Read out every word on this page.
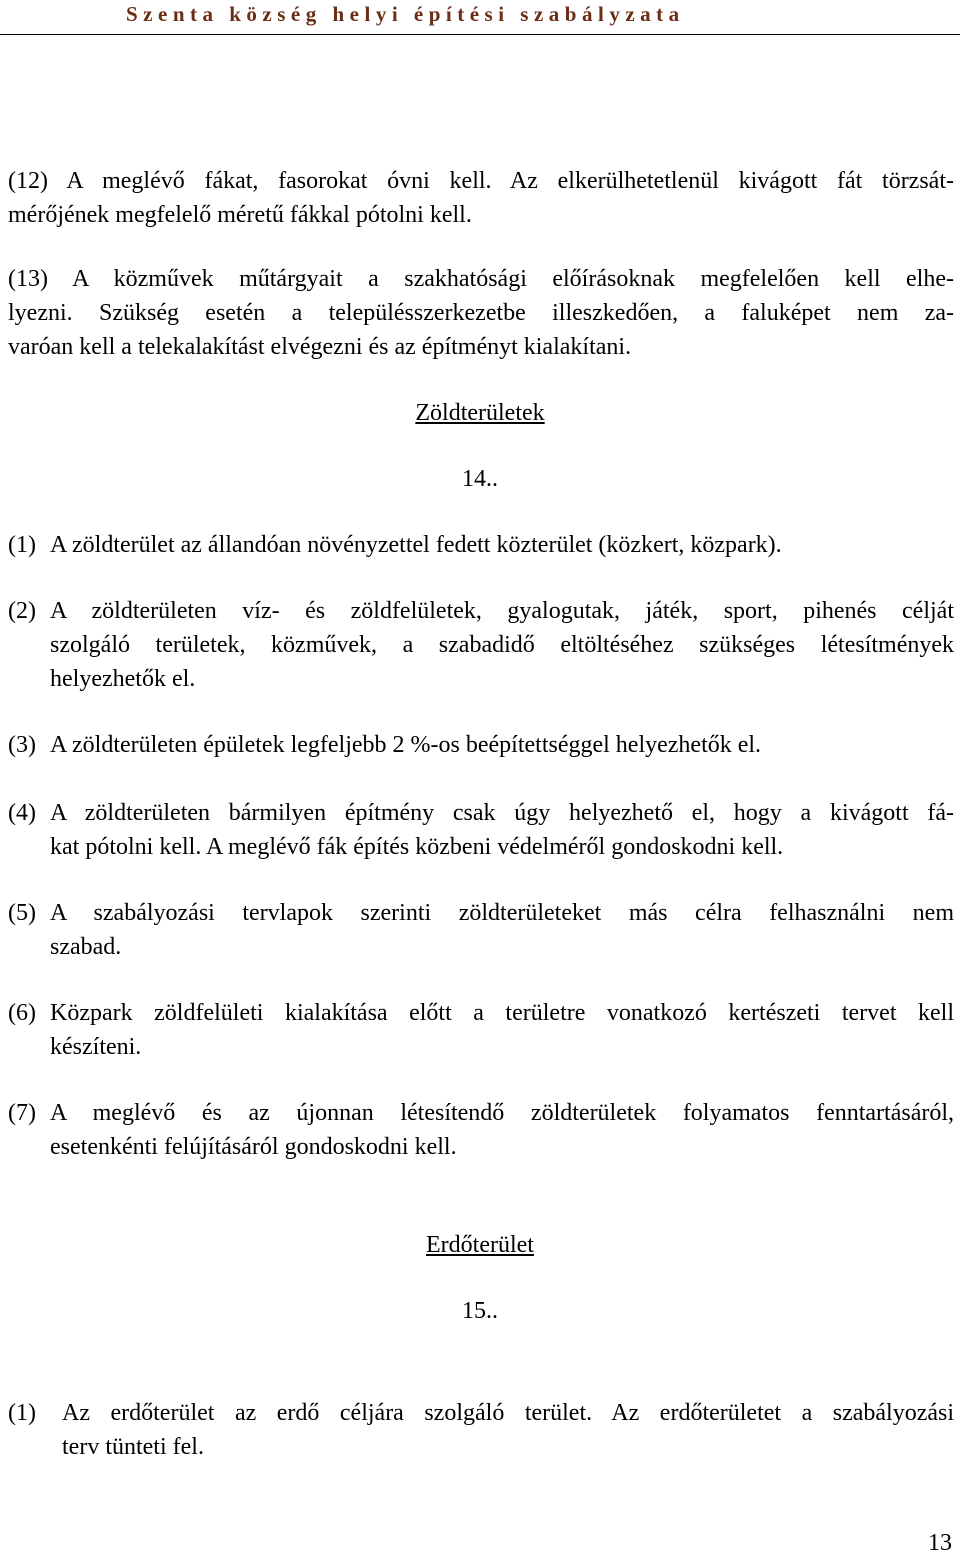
Szenta község helyi építési szabályzata
(12) A meglévő fákat, fasorokat óvni kell. Az elkerülhetetlenül kivágott fát törzsát-
mérőjének megfelelő méretű fákkal pótolni kell.
(13) A közművek műtárgyait a szakhatósági előírásoknak megfelelően kell elhe-
lyezni. Szükség esetén a településszerkezetbe illeszkedően, a faluképet nem za-
varóan kell a telekalakítást elvégezni és az építményt kialakítani.
Zöldterületek
14..
(1) A zöldterület az állandóan növényzettel fedett közterület (közkert, közpark).
(2) A zöldterületen víz- és zöldfelületek, gyalogutak, játék, sport, pihenés célját
szolgáló területek, közművek, a szabadidő eltöltéséhez szükséges létesítmények
helyezhetők el.
(3) A zöldterületen épületek legfeljebb 2 %-os beépítettséggel helyezhetők el.
(4) A zöldterületen bármilyen építmény csak úgy helyezhető el, hogy a kivágott fá-
kat pótolni kell. A meglévő fák építés közbeni védelméről gondoskodni kell.
(5) A szabályozási tervlapok szerinti zöldterületeket más célra felhasználni nem
szabad.
(6) Közpark zöldfelületi kialakítása előtt a területre vonatkozó kertészeti tervet kell
készíteni.
(7) A meglévő és az újonnan létesítendő zöldterületek folyamatos fenntartásáról,
esetenkénti felújításáról gondoskodni kell.
Erdőterület
15..
(1) Az erdőterület az erdő céljára szolgáló terület. Az erdőterületet a szabályozási
terv tünteti fel.
13
